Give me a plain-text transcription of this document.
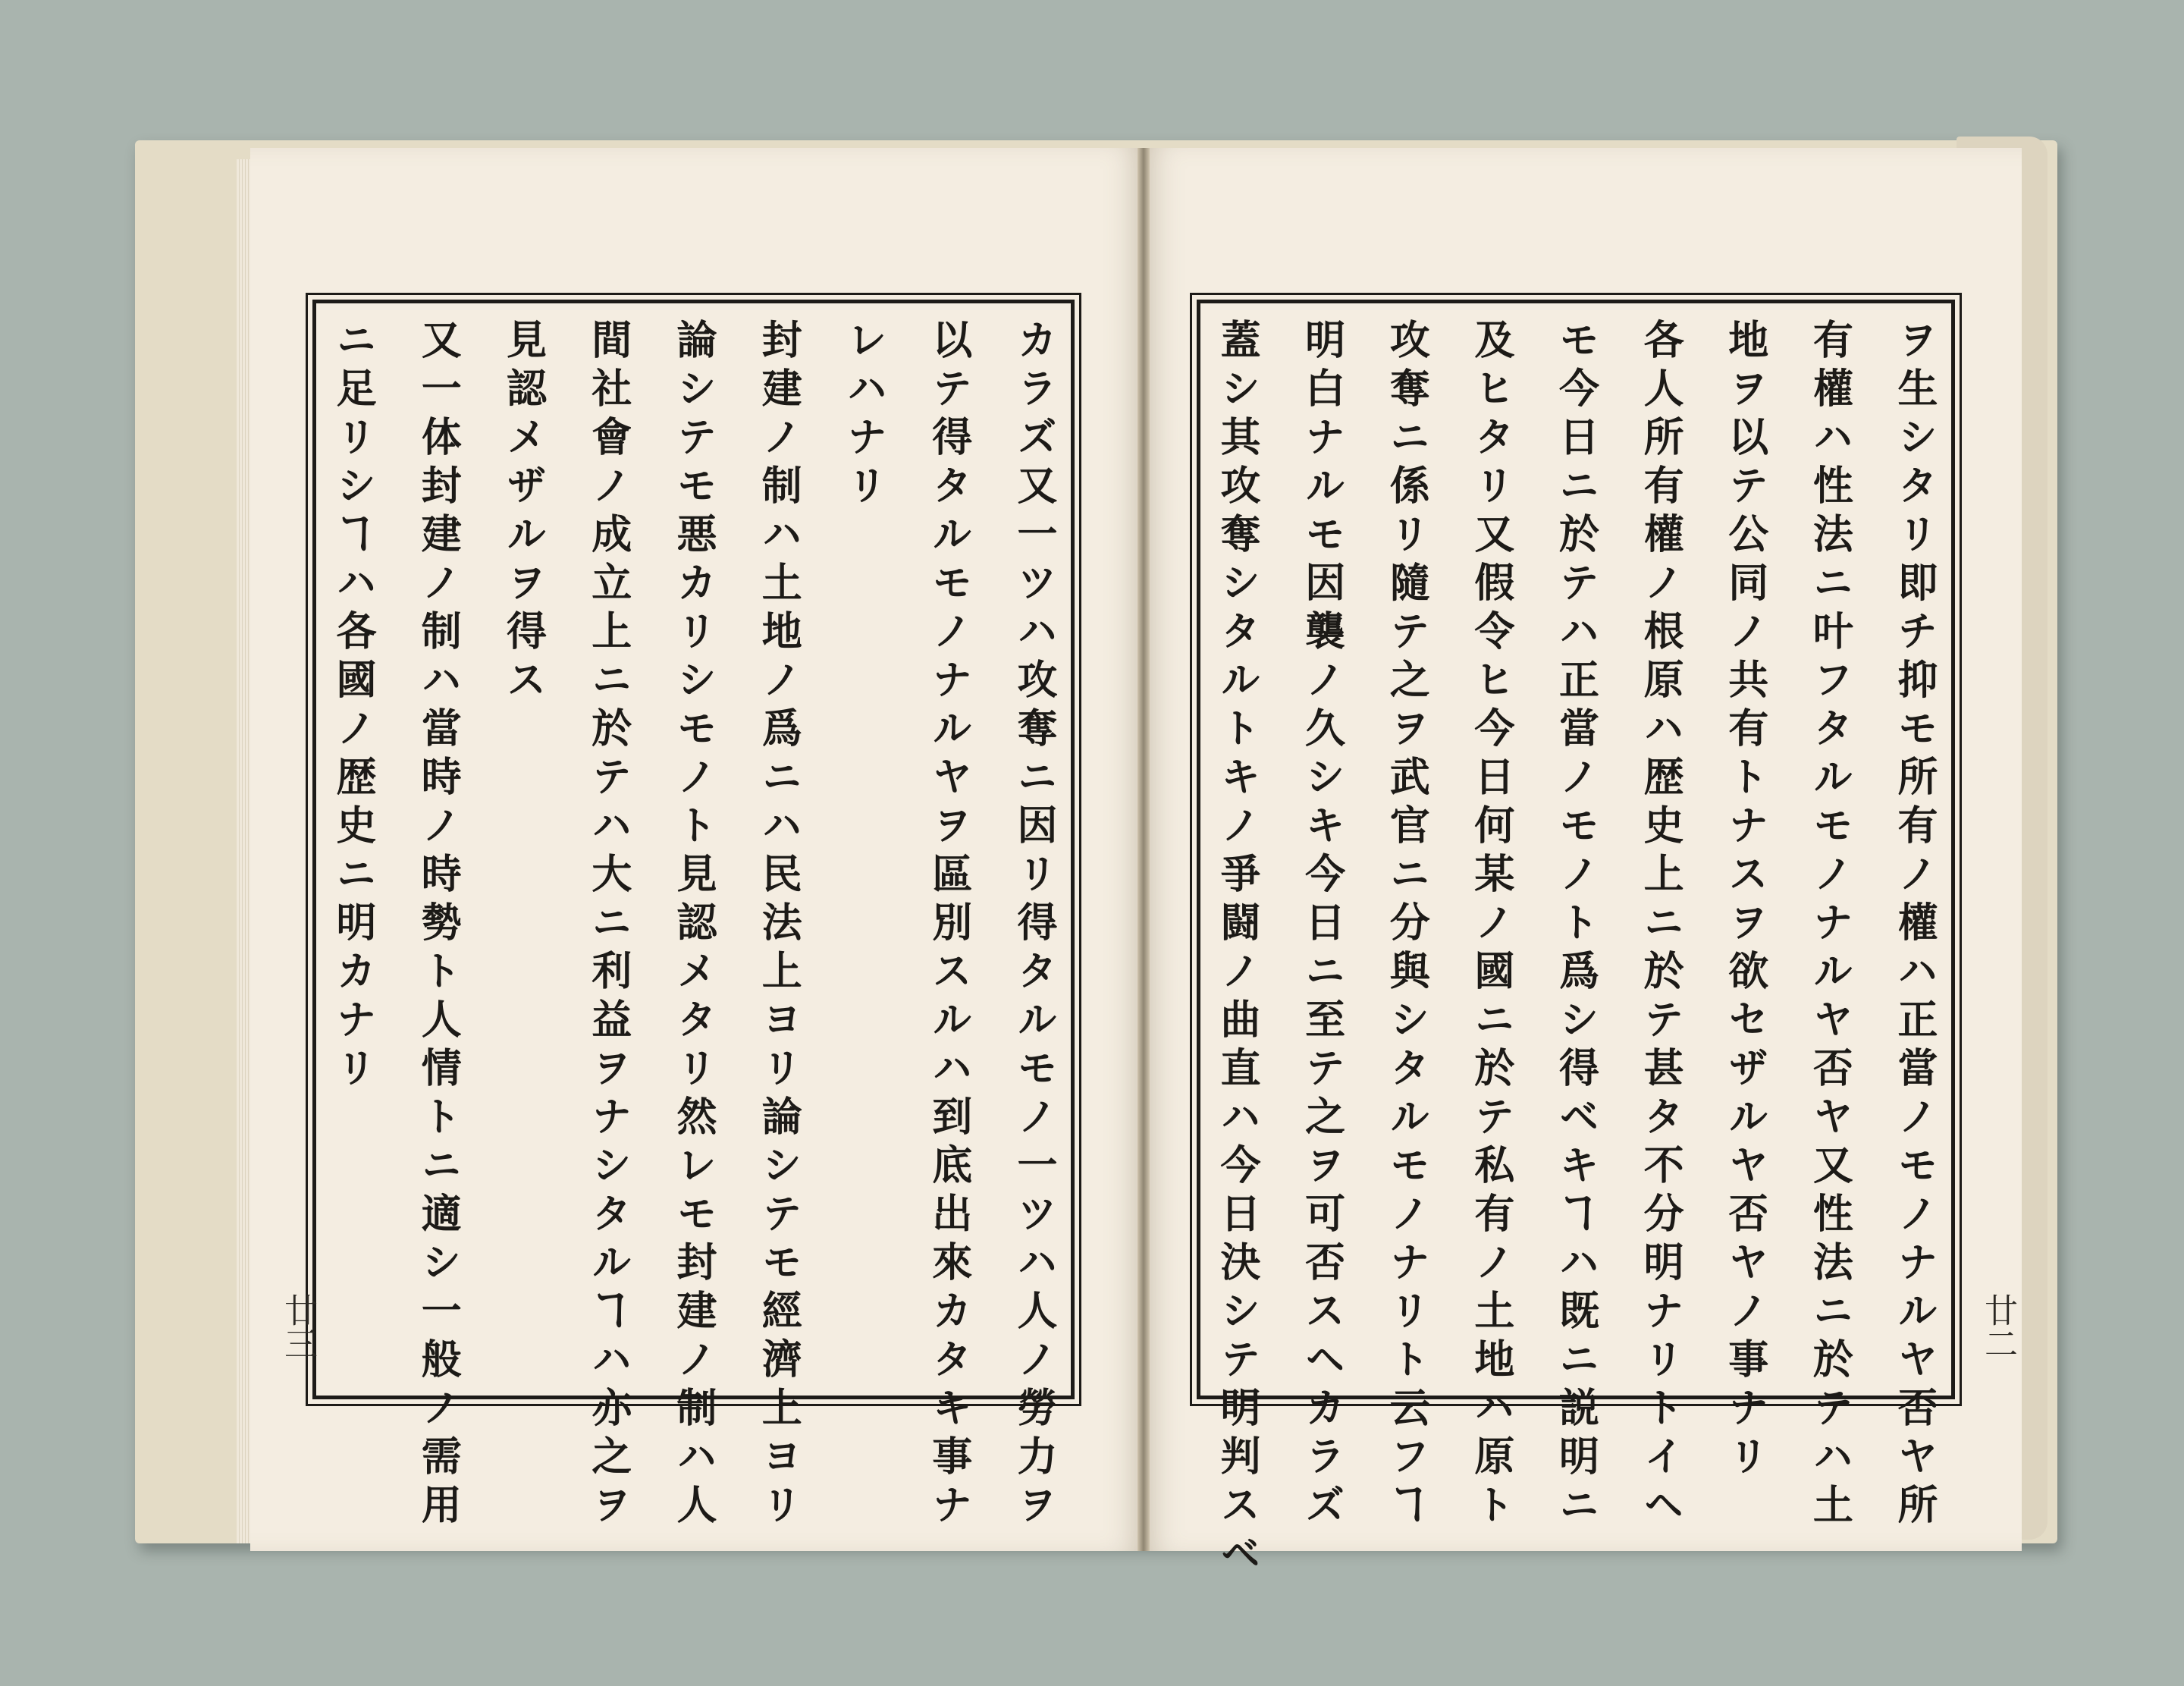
カラズ又一ツハ攻奪ニ因リ得タルモノ一ツハ人ノ勞力ヲ
以テ得タルモノナルヤヲ區別スルハ到底出來カタキ事ナ
レハナリ
封建ノ制ハ土地ノ爲ニハ民法上ヨリ論シテモ經濟上ヨリ
論シテモ悪カリシモノト見認メタリ然レモ封建ノ制ハ人
間社會ノ成立上ニ於テハ大ニ利益ヲナシタルヿハ亦之ヲ
見認メザルヲ得ス
又一体封建ノ制ハ當時ノ時勢ト人情トニ適シ一般ノ需用
ニ足リシヿハ各國ノ歴史ニ明カナリ	ヲ生シタリ即チ抑モ所有ノ權ハ正當ノモノナルヤ否ヤ所
有權ハ性法ニ叶フタルモノナルヤ否ヤ又性法ニ於テハ土
地ヲ以テ公同ノ共有トナスヲ欲セザルヤ否ヤノ事ナリ
各人所有權ノ根原ハ歴史上ニ於テ甚タ不分明ナリトイヘ
モ今日ニ於テハ正當ノモノト爲シ得ベキヿハ既ニ説明ニ
及ヒタリ又假令ヒ今日何某ノ國ニ於テ私有ノ土地ハ原ト
攻奪ニ係リ隨テ之ヲ武官ニ分與シタルモノナリト云フヿ
明白ナルモ因襲ノ久シキ今日ニ至テ之ヲ可否スヘカラズ
蓋シ其攻奪シタルトキノ爭闘ノ曲直ハ今日決シテ明判スベ
廿三	廿二
